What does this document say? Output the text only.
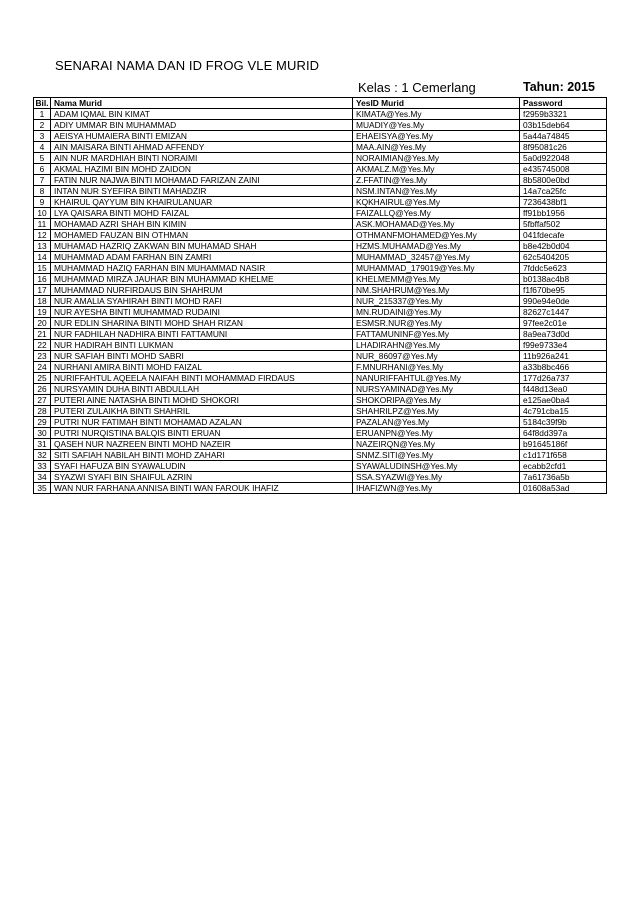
SENARAI NAMA DAN ID FROG VLE MURID
Kelas : 1 Cemerlang	Tahun: 2015
Bil.	Nama Murid	YesID Murid	Password
1	ADAM IQMAL BIN KIMAT	KIMATA@Yes.My	f2959b3321
2	ADIY UMMAR BIN MUHAMMAD	MUADIY@Yes.My	03b15deb64
3	AEISYA HUMAIERA BINTI EMIZAN	EHAEISYA@Yes.My	5a44a74845
4	AIN MAISARA BINTI AHMAD AFFENDY	MAA.AIN@Yes.My	8f95081c26
5	AIN NUR MARDHIAH BINTI NORAIMI	NORAIMIAN@Yes.My	5a0d922048
6	AKMAL HAZIMI BIN MOHD ZAIDON	AKMALZ.M@Yes.My	e435745008
7	FATIN NUR NAJWA BINTI MOHAMAD FARIZAN ZAINI	Z.FFATIN@Yes.My	8b5800e0bd
8	INTAN NUR SYEFIRA BINTI MAHADZIR	NSM.INTAN@Yes.My	14a7ca25fc
9	KHAIRUL QAYYUM BIN KHAIRULANUAR	KQKHAIRUL@Yes.My	7236438bf1
10	LYA QAISARA BINTI MOHD FAIZAL	FAIZALLQ@Yes.My	ff91bb1956
11	MOHAMAD AZRI SHAH BIN KIMIN	ASK.MOHAMAD@Yes.My	5fbffaf502
12	MOHAMED FAUZAN BIN OTHMAN	OTHMANFMOHAMED@Yes.My	041fdecafe
13	MUHAMAD HAZRIQ ZAKWAN BIN MUHAMAD SHAH	HZMS.MUHAMAD@Yes.My	b8e42b0d04
14	MUHAMMAD ADAM FARHAN BIN ZAMRI	MUHAMMAD_32457@Yes.My	62c5404205
15	MUHAMMAD HAZIQ FARHAN BIN MUHAMMAD NASIR	MUHAMMAD_179019@Yes.My	7fddc5e623
16	MUHAMMAD MIRZA JAUHAR BIN MUHAMMAD KHELME	KHELMEMM@Yes.My	b0138ac4b8
17	MUHAMMAD NURFIRDAUS BIN SHAHRUM	NM.SHAHRUM@Yes.My	f1f670be95
18	NUR AMALIA SYAHIRAH BINTI MOHD RAFI	NUR_215337@Yes.My	990e94e0de
19	NUR AYESHA BINTI MUHAMMAD RUDAINI	MN.RUDAINI@Yes.My	82627c1447
20	NUR EDLIN SHARINA BINTI MOHD SHAH RIZAN	ESMSR.NUR@Yes.My	97fee2c01e
21	NUR FADHILAH NADHIRA BINTI FATTAMUNI	FATTAMUNINF@Yes.My	8a9ea73d0d
22	NUR HADIRAH BINTI LUKMAN	LHADIRAHN@Yes.My	f99e9733e4
23	NUR SAFIAH BINTI MOHD SABRI	NUR_86097@Yes.My	11b926a241
24	NURHANI AMIRA BINTI MOHD FAIZAL	F.MNURHANI@Yes.My	a33b8bc466
25	NURIFFAHTUL AQEELA NAIFAH BINTI MOHAMMAD FIRDAUS	NANURIFFAHTUL@Yes.My	177d26a737
26	NURSYAMIN DUHA BINTI ABDULLAH	NURSYAMINAD@Yes.My	f448d13ea0
27	PUTERI AINE NATASHA BINTI MOHD SHOKORI	SHOKORIPA@Yes.My	e125ae0ba4
28	PUTERI ZULAIKHA BINTI SHAHRIL	SHAHRILPZ@Yes.My	4c791cba15
29	PUTRI NUR FATIMAH BINTI MOHAMAD AZALAN	PAZALAN@Yes.My	5184c39f9b
30	PUTRI NURQISTINA BALQIS BINTI ERUAN	ERUANPN@Yes.My	64f8dd397a
31	QASEH NUR NAZREEN BINTI MOHD NAZEIR	NAZEIRQN@Yes.My	b91645186f
32	SITI SAFIAH NABILAH BINTI MOHD ZAHARI	SNMZ.SITI@Yes.My	c1d171f658
33	SYAFI HAFUZA BIN SYAWALUDIN	SYAWALUDINSH@Yes.My	ecabb2cfd1
34	SYAZWI SYAFI BIN SHAIFUL AZRIN	SSA.SYAZWI@Yes.My	7a61736a5b
35	WAN NUR FARHANA ANNISA BINTI WAN FAROUK IHAFIZ	IHAFIZWN@Yes.My	01608a53ad
